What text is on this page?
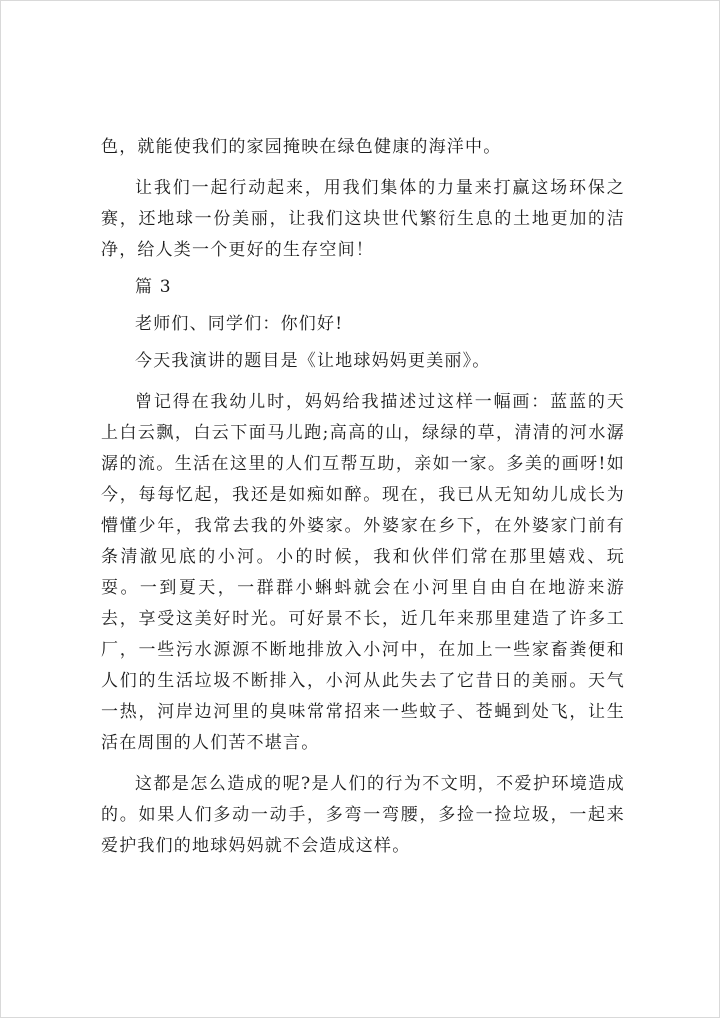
色，就能使我们的家园掩映在绿色健康的海洋中。

让我们一起行动起来，用我们集体的力量来打赢这场环保之赛，还地球一份美丽，让我们这块世代繁衍生息的土地更加的洁净，给人类一个更好的生存空间！

篇 3

老师们、同学们：你们好!

今天我演讲的题目是《让地球妈妈更美丽》。

曾记得在我幼儿时，妈妈给我描述过这样一幅画：蓝蓝的天上白云飘，白云下面马儿跑;高高的山，绿绿的草，清清的河水潺潺的流。生活在这里的人们互帮互助，亲如一家。多美的画呀!如今，每每忆起，我还是如痴如醉。现在，我已从无知幼儿成长为懵懂少年，我常去我的外婆家。外婆家在乡下，在外婆家门前有条清澈见底的小河。小的时候，我和伙伴们常在那里嬉戏、玩耍。一到夏天，一群群小蝌蚪就会在小河里自由自在地游来游去，享受这美好时光。可好景不长，近几年来那里建造了许多工厂，一些污水源源不断地排放入小河中，在加上一些家畜粪便和人们的生活垃圾不断排入，小河从此失去了它昔日的美丽。天气一热，河岸边河里的臭味常常招来一些蚊子、苍蝇到处飞，让生活在周围的人们苦不堪言。

这都是怎么造成的呢?是人们的行为不文明，不爱护环境造成的。如果人们多动一动手，多弯一弯腰，多捡一捡垃圾，一起来爱护我们的地球妈妈就不会造成这样。
